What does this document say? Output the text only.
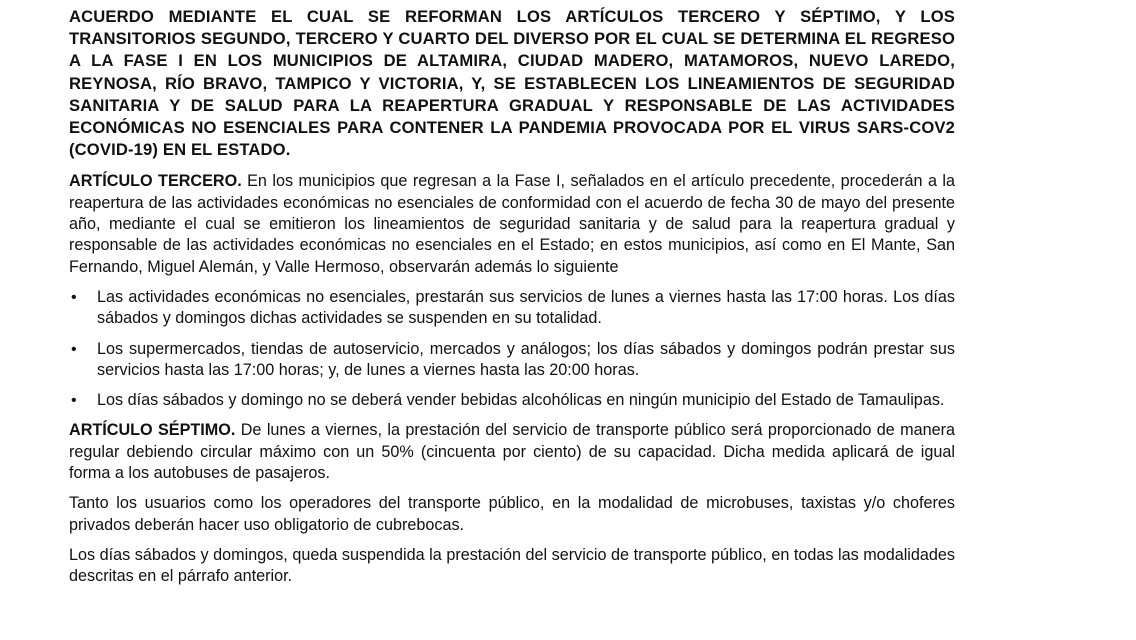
ACUERDO MEDIANTE EL CUAL SE REFORMAN LOS ARTÍCULOS TERCERO Y SÉPTIMO, Y LOS TRANSITORIOS SEGUNDO, TERCERO Y CUARTO DEL DIVERSO POR EL CUAL SE DETERMINA EL REGRESO A LA FASE I EN LOS MUNICIPIOS DE ALTAMIRA, CIUDAD MADERO, MATAMOROS, NUEVO LAREDO, REYNOSA, RÍO BRAVO, TAMPICO Y VICTORIA, Y, SE ESTABLECEN LOS LINEAMIENTOS DE SEGURIDAD SANITARIA Y DE SALUD PARA LA REAPERTURA GRADUAL Y RESPONSABLE DE LAS ACTIVIDADES ECONÓMICAS NO ESENCIALES PARA CONTENER LA PANDEMIA PROVOCADA POR EL VIRUS SARS-COV2 (COVID-19) EN EL ESTADO.

ARTÍCULO TERCERO. En los municipios que regresan a la Fase I, señalados en el artículo precedente, procederán a la reapertura de las actividades económicas no esenciales de conformidad con el acuerdo de fecha 30 de mayo del presente año, mediante el cual se emitieron los lineamientos de seguridad sanitaria y de salud para la reapertura gradual y responsable de las actividades económicas no esenciales en el Estado; en estos municipios, así como en El Mante, San Fernando, Miguel Alemán, y Valle Hermoso, observarán además lo siguiente

• Las actividades económicas no esenciales, prestarán sus servicios de lunes a viernes hasta las 17:00 horas. Los días sábados y domingos dichas actividades se suspenden en su totalidad.

• Los supermercados, tiendas de autoservicio, mercados y análogos; los días sábados y domingos podrán prestar sus servicios hasta las 17:00 horas; y, de lunes a viernes hasta las 20:00 horas.

• Los días sábados y domingo no se deberá vender bebidas alcohólicas en ningún municipio del Estado de Tamaulipas.

ARTÍCULO SÉPTIMO. De lunes a viernes, la prestación del servicio de transporte público será proporcionado de manera regular debiendo circular máximo con un 50% (cincuenta por ciento) de su capacidad. Dicha medida aplicará de igual forma a los autobuses de pasajeros.

Tanto los usuarios como los operadores del transporte público, en la modalidad de microbuses, taxistas y/o choferes privados deberán hacer uso obligatorio de cubrebocas.

Los días sábados y domingos, queda suspendida la prestación del servicio de transporte público, en todas las modalidades descritas en el párrafo anterior.
